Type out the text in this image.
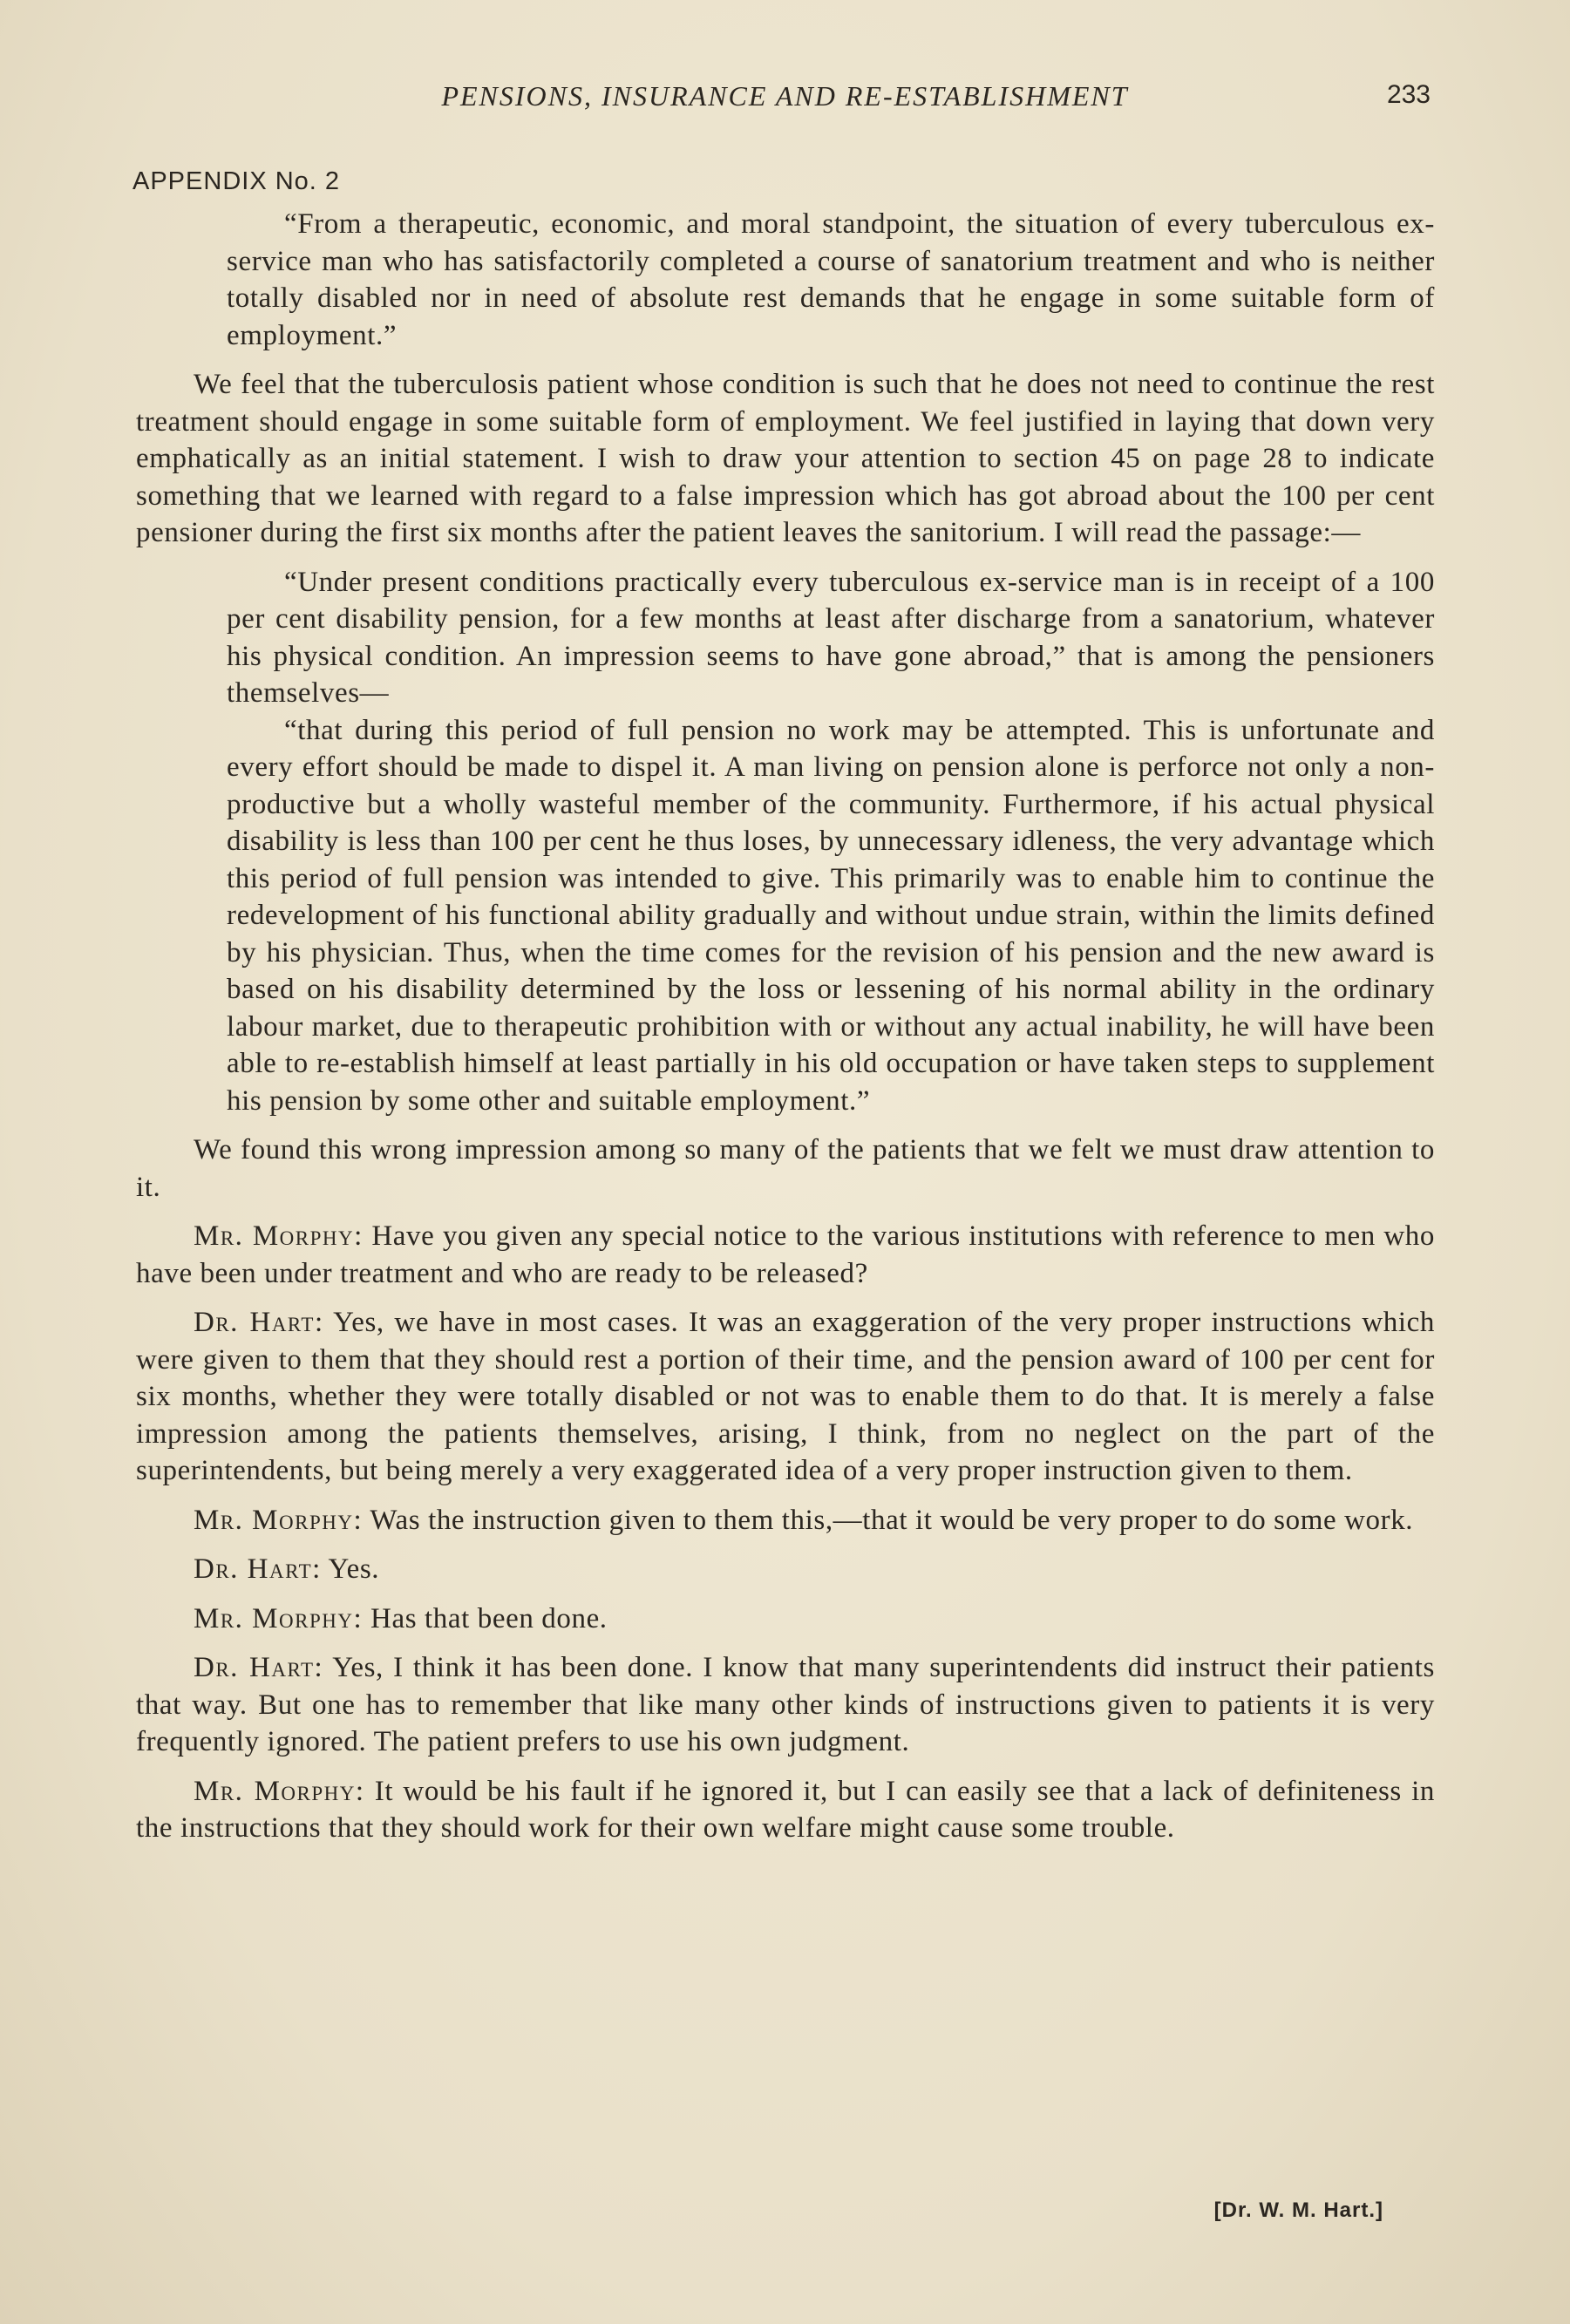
PENSIONS, INSURANCE AND RE-ESTABLISHMENT	233
APPENDIX No. 2

“From a therapeutic, economic, and moral standpoint, the situation of every tuberculous ex-service man who has satisfactorily completed a course of sanatorium treatment and who is neither totally disabled nor in need of absolute rest demands that he engage in some suitable form of employment.”

We feel that the tuberculosis patient whose condition is such that he does not need to continue the rest treatment should engage in some suitable form of employment. We feel justified in laying that down very emphatically as an initial statement. I wish to draw your attention to section 45 on page 28 to indicate something that we learned with regard to a false impression which has got abroad about the 100 per cent pensioner during the first six months after the patient leaves the sanitorium. I will read the passage:—

“Under present conditions practically every tuberculous ex-service man is in receipt of a 100 per cent disability pension, for a few months at least after discharge from a sanatorium, whatever his physical condition. An impression seems to have gone abroad,” that is among the pensioners themselves—

“that during this period of full pension no work may be attempted. This is unfortunate and every effort should be made to dispel it. A man living on pension alone is perforce not only a non-productive but a wholly wasteful member of the community. Furthermore, if his actual physical disability is less than 100 per cent he thus loses, by unnecessary idleness, the very advantage which this period of full pension was intended to give. This primarily was to enable him to continue the redevelopment of his functional ability gradually and without undue strain, within the limits defined by his physician. Thus, when the time comes for the revision of his pension and the new award is based on his disability determined by the loss or lessening of his normal ability in the ordinary labour market, due to therapeutic prohibition with or without any actual inability, he will have been able to re-establish himself at least partially in his old occupation or have taken steps to supplement his pension by some other and suitable employment.”

We found this wrong impression among so many of the patients that we felt we must draw attention to it.

Mr. Morphy: Have you given any special notice to the various institutions with reference to men who have been under treatment and who are ready to be released?

Dr. Hart: Yes, we have in most cases. It was an exaggeration of the very proper instructions which were given to them that they should rest a portion of their time, and the pension award of 100 per cent for six months, whether they were totally disabled or not was to enable them to do that. It is merely a false impression among the patients themselves, arising, I think, from no neglect on the part of the superintendents, but being merely a very exaggerated idea of a very proper instruction given to them.

Mr. Morphy: Was the instruction given to them this,—that it would be very proper to do some work.

Dr. Hart: Yes.

Mr. Morphy: Has that been done.

Dr. Hart: Yes, I think it has been done. I know that many superintendents did instruct their patients that way. But one has to remember that like many other kinds of instructions given to patients it is very frequently ignored. The patient prefers to use his own judgment.

Mr. Morphy: It would be his fault if he ignored it, but I can easily see that a lack of definiteness in the instructions that they should work for their own welfare might cause some trouble.

[Dr. W. M. Hart.]
